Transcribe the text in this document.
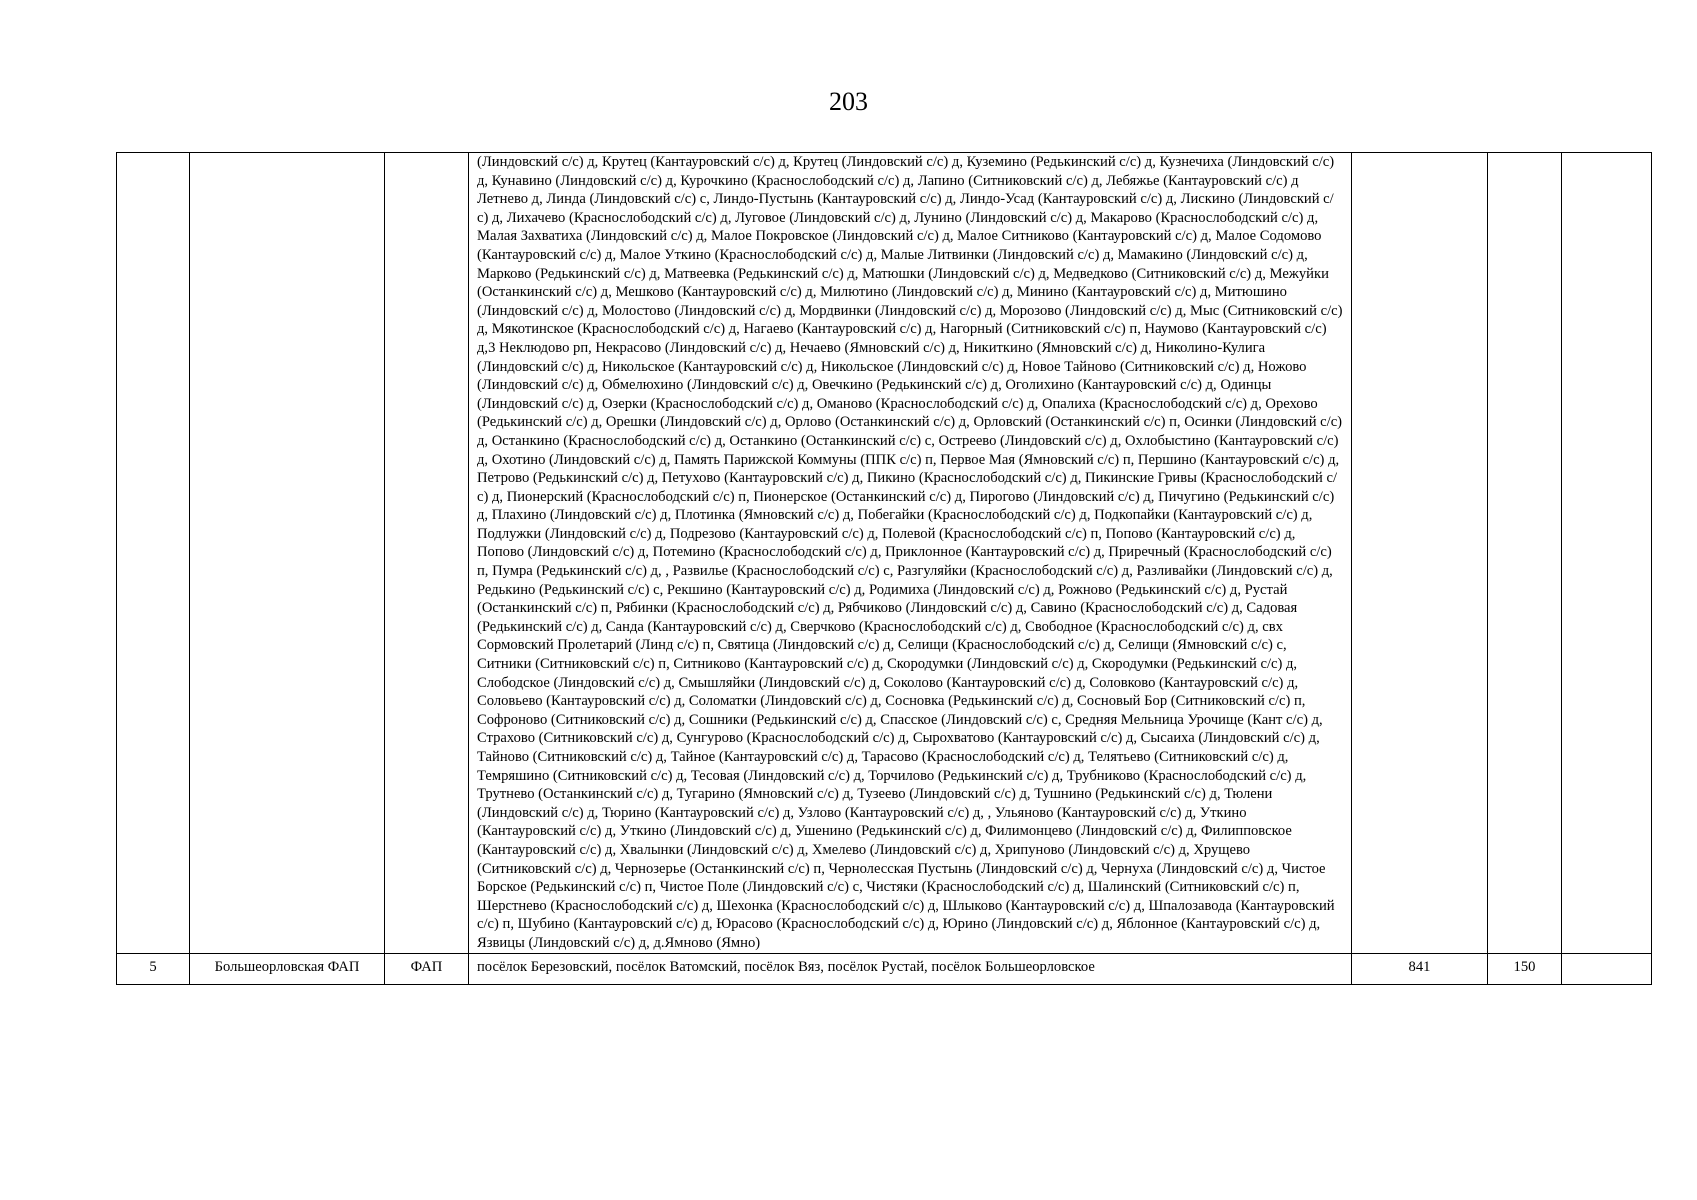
203
			(Линдовский с/с) д, Крутец (Кантауровский с/с) д, Крутец (Линдовский с/с) д, Куземино (Редькинский с/с) д, Кузнечиха (Линдовский с/с) д, Кунавино (Линдовский с/с) д, Курочкино (Краснослободский с/с) д, Лапино (Ситниковский с/с) д, Лебяжье (Кантауровский с/с) д Летнево д, Линда (Линдовский с/с) с, Линдо-Пустынь (Кантауровский с/с) д, Линдо-Усад (Кантауровский с/с) д, Лискино (Линдовский с/с) д, Лихачево (Краснослободский с/с) д, Луговое (Линдовский с/с) д, Лунино (Линдовский с/с) д, Макарово (Краснослободский с/с) д, Малая Захватиха (Линдовский с/с) д, Малое Покровское (Линдовский с/с) д, Малое Ситниково (Кантауровский с/с) д, Малое Содомово (Кантауровский с/с) д, Малое Уткино (Краснослободский с/с) д, Малые Литвинки (Линдовский с/с) д, Мамакино (Линдовский с/с) д, Марково (Редькинский с/с) д, Матвеевка (Редькинский с/с) д, Матюшки (Линдовский с/с) д, Медведково (Ситниковский с/с) д, Межуйки (Останкинский с/с) д, Мешково (Кантауровский с/с) д, Милютино (Линдовский с/с) д, Минино (Кантауровский с/с) д, Митюшино (Линдовский с/с) д, Молостово (Линдовский с/с) д, Мордвинки (Линдовский с/с) д, Морозово (Линдовский с/с) д, Мыс (Ситниковский с/с) д, Мякотинское (Краснослободский с/с) д, Нагаево (Кантауровский с/с) д, Нагорный (Ситниковский с/с) п, Наумово (Кантауровский с/с) д,3 Неклюдово рп, Некрасово (Линдовский с/с) д, Нечаево (Ямновский с/с) д, Никиткино (Ямновский с/с) д, Николино-Кулига (Линдовский с/с) д, Никольское (Кантауровский с/с) д, Никольское (Линдовский с/с) д, Новое Тайново (Ситниковский с/с) д, Ножово (Линдовский с/с) д, Обмелюхино (Линдовский с/с) д, Овечкино (Редькинский с/с) д, Оголихино (Кантауровский с/с) д, Одинцы (Линдовский с/с) д, Озерки (Краснослободский с/с) д, Оманово (Краснослободский с/с) д, Опалиха (Краснослободский с/с) д, Орехово (Редькинский с/с) д, Орешки (Линдовский с/с) д, Орлово (Останкинский с/с) д, Орловский (Останкинский с/с) п, Осинки (Линдовский с/с) д, Останкино (Краснослободский с/с) д, Останкино (Останкинский с/с) с, Остреево (Линдовский с/с) д, Охлобыстино (Кантауровский с/с) д, Охотино (Линдовский с/с) д, Память Парижской Коммуны (ППК с/с) п, Первое Мая (Ямновский с/с) п, Першино (Кантауровский с/с) д, Петрово (Редькинский с/с) д, Петухово (Кантауровский с/с) д, Пикино (Краснослободский с/с) д, Пикинские Гривы (Краснослободский с/с) д, Пионерский (Краснослободский с/с) п, Пионерское (Останкинский с/с) д, Пирогово (Линдовский с/с) д, Пичугино (Редькинский с/с) д, Плахино (Линдовский с/с) д, Плотинка (Ямновский с/с) д, Побегайки (Краснослободский с/с) д, Подкопайки (Кантауровский с/с) д, Подлужки (Линдовский с/с) д, Подрезово (Кантауровский с/с) д, Полевой (Краснослободский с/с) п, Попово (Кантауровский с/с) д, Попово (Линдовский с/с) д, Потемино (Краснослободский с/с) д, Приклонное (Кантауровский с/с) д, Приречный (Краснослободский с/с) п, Пумра (Редькинский с/с) д, , Развилье (Краснослободский с/с) с, Разгуляйки (Краснослободский с/с) д, Разливайки (Линдовский с/с) д, Редькино (Редькинский с/с) с, Рекшино (Кантауровский с/с) д, Родимиха (Линдовский с/с) д, Рожново (Редькинский с/с) д, Рустай (Останкинский с/с) п, Рябинки (Краснослободский с/с) д, Рябчиково (Линдовский с/с) д, Савино (Краснослободский с/с) д, Садовая (Редькинский с/с) д, Санда (Кантауровский с/с) д, Сверчково (Краснослободский с/с) д, Свободное (Краснослободский с/с) д, свх Сормовский Пролетарий (Линд с/с) п, Святица (Линдовский с/с) д, Селищи (Краснослободский с/с) д, Селищи (Ямновский с/с) с, Ситники (Ситниковский с/с) п, Ситниково (Кантауровский с/с) д, Скородумки (Линдовский с/с) д, Скородумки (Редькинский с/с) д, Слободское (Линдовский с/с) д, Смышляйки (Линдовский с/с) д, Соколово (Кантауровский с/с) д, Соловково (Кантауровский с/с) д, Соловьево (Кантауровский с/с) д, Соломатки (Линдовский с/с) д, Сосновка (Редькинский с/с) д, Сосновый Бор (Ситниковский с/с) п, Софроново (Ситниковский с/с) д, Сошники (Редькинский с/с) д, Спасское (Линдовский с/с) с, Средняя Мельница Урочище (Кант с/с) д, Страхово (Ситниковский с/с) д, Сунгурово (Краснослободский с/с) д, Сырохватово (Кантауровский с/с) д, Сысаиха (Линдовский с/с) д, Тайново (Ситниковский с/с) д, Тайное (Кантауровский с/с) д, Тарасово (Краснослободский с/с) д, Телятьево (Ситниковский с/с) д, Темряшино (Ситниковский с/с) д, Тесовая (Линдовский с/с) д, Торчилово (Редькинский с/с) д, Трубниково (Краснослободский с/с) д, Трутнево (Останкинский с/с) д, Тугарино (Ямновский с/с) д, Тузеево (Линдовский с/с) д, Тушнино (Редькинский с/с) д, Тюлени (Линдовский с/с) д, Тюрино (Кантауровский с/с) д, Узлово (Кантауровский с/с) д, , Ульяново (Кантауровский с/с) д, Уткино (Кантауровский с/с) д, Уткино (Линдовский с/с) д, Ушенино (Редькинский с/с) д, Филимонцево (Линдовский с/с) д, Филипповское (Кантауровский с/с) д, Хвалынки (Линдовский с/с) д, Хмелево (Линдовский с/с) д, Хрипуново (Линдовский с/с) д, Хрущево (Ситниковский с/с) д, Чернозерье (Останкинский с/с) п, Чернолесская Пустынь (Линдовский с/с) д, Чернуха (Линдовский с/с) д, Чистое Борское (Редькинский с/с) п, Чистое Поле (Линдовский с/с) с, Чистяки (Краснослободский с/с) д, Шалинский (Ситниковский с/с) п, Шерстнево (Краснослободский с/с) д, Шехонка (Краснослободский с/с) д, Шлыково (Кантауровский с/с) д, Шпалозавода (Кантауровский с/с) п, Шубино (Кантауровский с/с) д, Юрасово (Краснослободский с/с) д, Юрино (Линдовский с/с) д, Яблонное (Кантауровский с/с) д, Язвицы (Линдовский с/с) д, д.Ямново (Ямно)			
5	Большеорловская ФАП	ФАП	посёлок Березовский, посёлок Ватомский, посёлок Вяз, посёлок Рустай, посёлок Большеорловское	841	150	
